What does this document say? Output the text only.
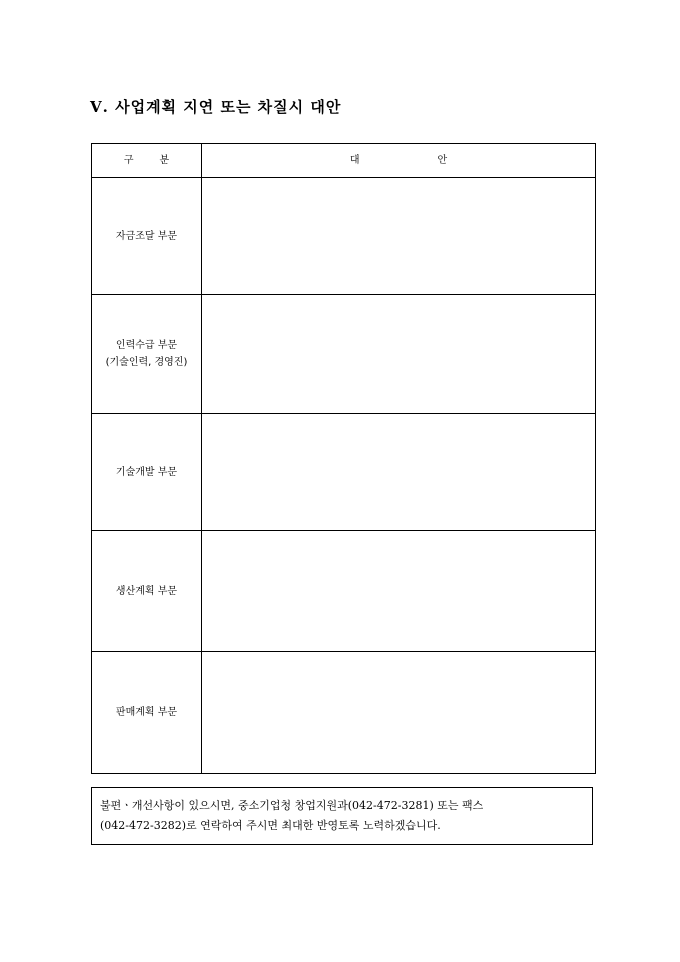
Ⅴ. 사업계획 지연 또는 차질시 대안
구 분	대 안

자금조달 부문	

인력수급 부문
(기술인력, 경영진)	

기술개발 부문	

생산계획 부문	

판매계획 부문	

불편ㆍ개선사항이 있으시면, 중소기업청 창업지원과(042-472-3281) 또는 팩스
(042-472-3282)로 연락하여 주시면 최대한 반영토록 노력하겠습니다.
